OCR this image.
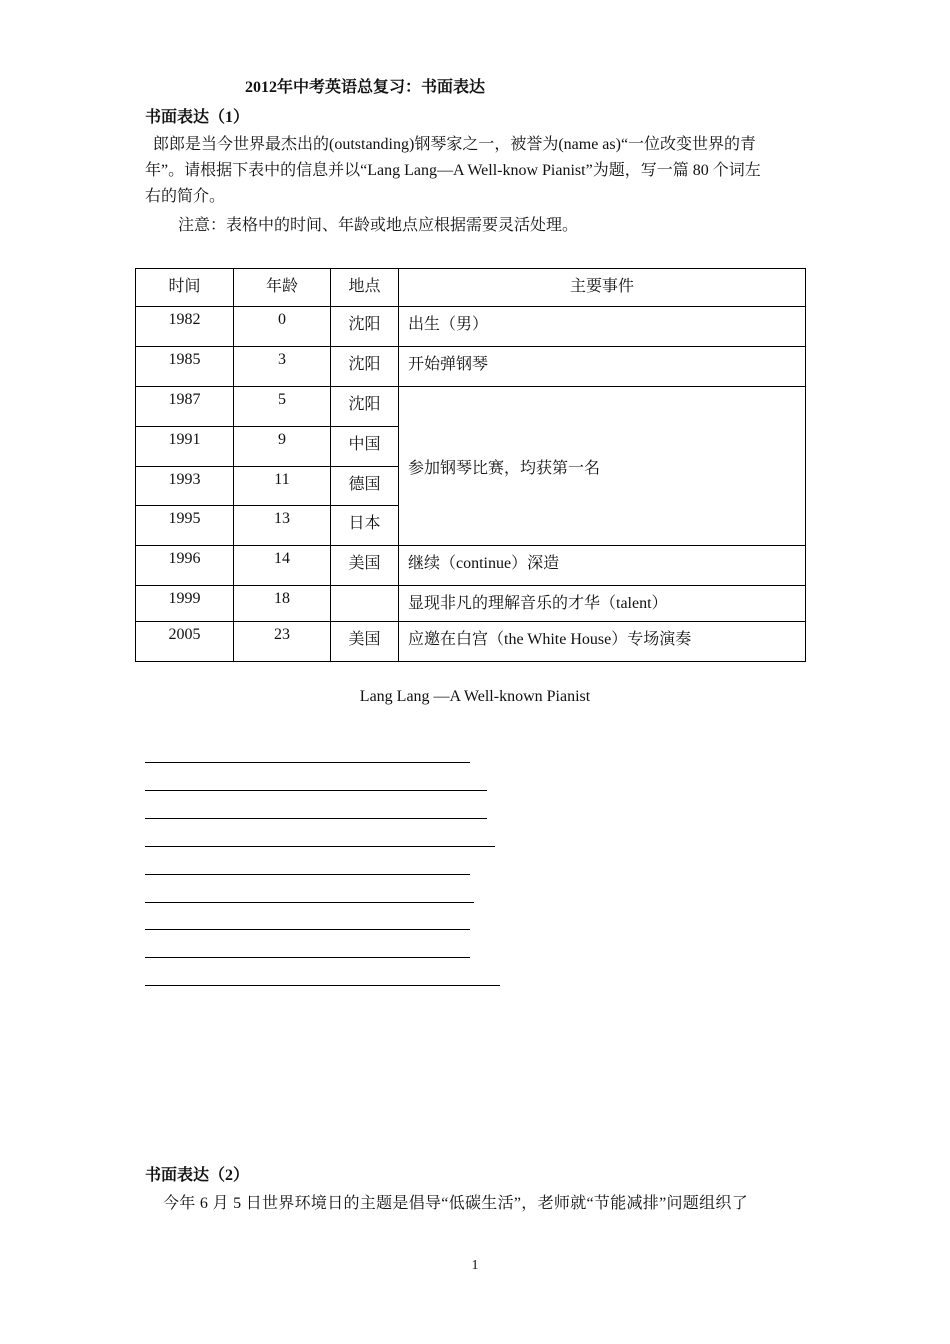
2012年中考英语总复习：书面表达
书面表达（1）
郎郎是当今世界最杰出的(outstanding)钢琴家之一，被誉为(name as)“一位改变世界的青
年”。请根据下表中的信息并以“Lang Lang—A Well-know Pianist”为题，写一篇 80 个词左
右的简介。
注意：表格中的时间、年龄或地点应根据需要灵活处理。
时间	年龄	地点	主要事件
1982	0	沈阳	出生（男）
1985	3	沈阳	开始弹钢琴
1987	5	沈阳	参加钢琴比赛，均获第一名
1991	9	中国	
1993	11	德国	
1995	13	日本	
1996	14	美国	继续（continue）深造
1999	18		显现非凡的理解音乐的才华（talent）
2005	23	美国	应邀在白宫（the White House）专场演奏
Lang Lang —A Well-known Pianist
书面表达（2）
今年 6 月 5 日世界环境日的主题是倡导“低碳生活”，老师就“节能减排”问题组织了
1
